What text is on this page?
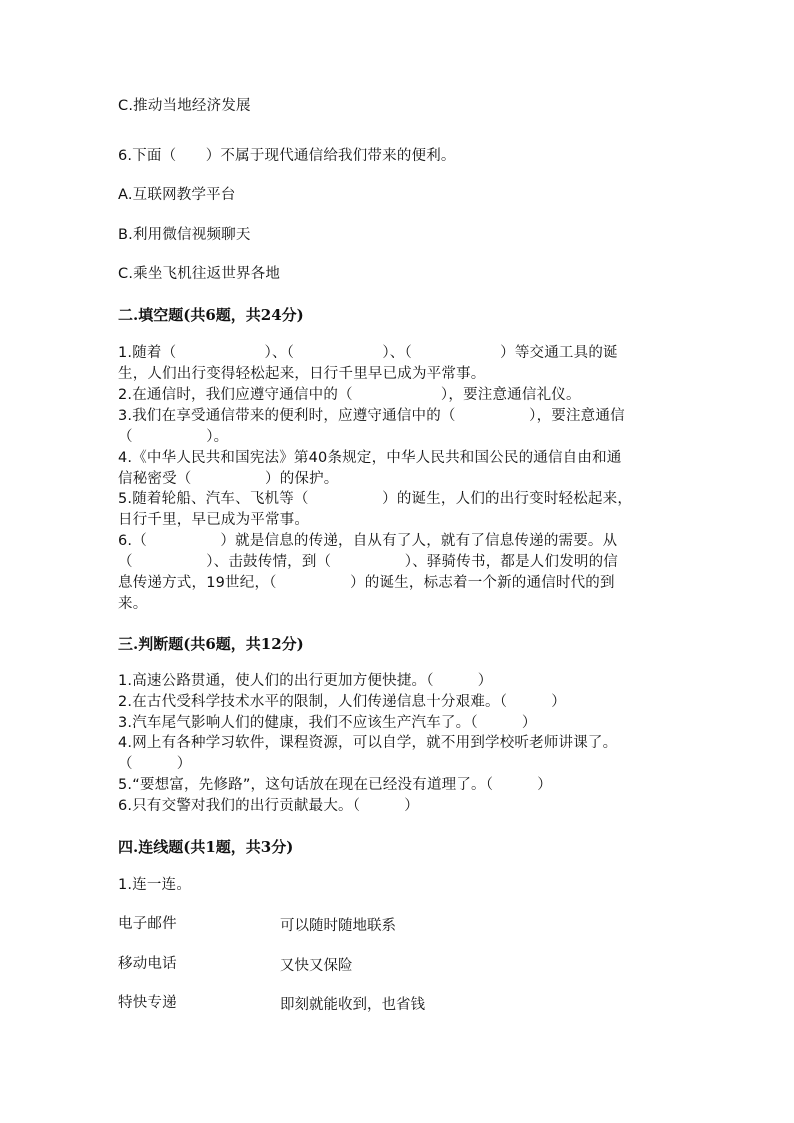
C.推动当地经济发展
6.下面（　　）不属于现代通信给我们带来的便利。
A.互联网教学平台
B.利用微信视频聊天
C.乘坐飞机往返世界各地
二.填空题(共6题，共24分)
1.随着（　　　　　　）、（　　　　　　）、（　　　　　　）等交通工具的诞
生，人们出行变得轻松起来，日行千里早已成为平常事。
2.在通信时，我们应遵守通信中的（　　　　　　），要注意通信礼仪。
3.我们在享受通信带来的便利时，应遵守通信中的（　　　　　），要注意通信
（　　　　　）。
4.《中华人民共和国宪法》第40条规定，中华人民共和国公民的通信自由和通
信秘密受（　　　　　）的保护。
5.随着轮船、汽车、飞机等（　　　　　）的诞生，人们的出行变时轻松起来，
日行千里，早已成为平常事。
6.（　　　　　）就是信息的传递，自从有了人，就有了信息传递的需要。从
（　　　　　）、击鼓传情，到（　　　　　）、驿骑传书，都是人们发明的信
息传递方式，19世纪，（　　　　　）的诞生，标志着一个新的通信时代的到
来。
三.判断题(共6题，共12分)
1.高速公路贯通，使人们的出行更加方便快捷。（　　　）
2.在古代受科学技术水平的限制，人们传递信息十分艰难。（　　　）
3.汽车尾气影响人们的健康，我们不应该生产汽车了。（　　　）
4.网上有各种学习软件，课程资源，可以自学，就不用到学校听老师讲课了。
（　　　）
5.“要想富，先修路”，这句话放在现在已经没有道理了。（　　　）
6.只有交警对我们的出行贡献最大。（　　　）
四.连线题(共1题，共3分)
1.连一连。
电子邮件	可以随时随地联系
移动电话	又快又保险
特快专递	即刻就能收到，也省钱
